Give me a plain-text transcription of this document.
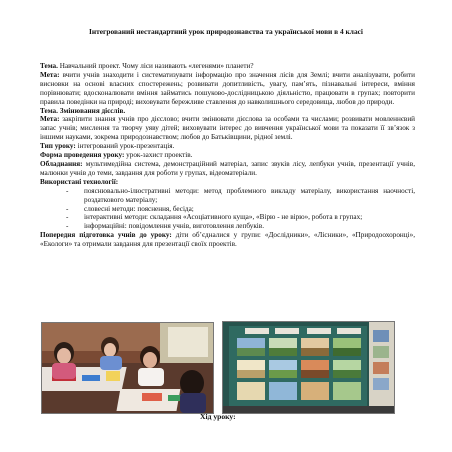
Інтегрований нестандартний урок природознавства та української мови в 4 класі

Тема. Навчальний проект. Чому ліси називають «легенями» планети?

Мета: вчити учнів знаходити і систематизувати інформацію про значення лісів для Землі; вчити аналізувати, робити висновки на основі власних спостережень; розвивати допитливість, увагу, пам’ять, пізнавальні інтереси, вміння порівнювати; вдосконалювати вміння займатись пошуково-дослідницькою діяльністю, працювати в групах; повторити правила поведінки на природі; виховувати бережливе ставлення до навколишнього середовища, любов до природи.

Тема. Змінювання дієслів.

Мета: закріпити знання учнів про дієслово; вчити змінювати дієслова за особами та числами; розвивати мовленнєвий запас учнів; мислення та творчу уяву дітей; виховувати інтерес до вивчення української мови та показати її зв’язок з іншими науками, зокрема природознавством; любов до Батьківщини, рідної землі.

Тип уроку: інтегрований урок-презентація.

Форма проведення уроку: урок-захист проектів.

Обладнання: мультимедійна система, демонстраційний матеріал, запис звуків лісу, лепбуки учнів, презентації учнів, малюнки учнів до теми, завдання для роботи у групах, відеоматеріали.

Використані технології:

- пояснювально-ілюстративні методи: метод проблемного викладу матеріалу, використання наочності, роздаткового матеріалу;
- словесні методи: пояснення, бесіда;
- інтерактивні методи: складання «Асоціативного куща», «Вірю - не вірю», робота в групах;
- інформаційні: повідомлення учнів, виготовлення лепбуків.

Попередня підготовка учнів до уроку: діти об’єдналися у групи: «Дослідники», «Лісники», «Природоохоронці», «Екологи» та отримали завдання для презентації своїх проектів.

Хід уроку:
